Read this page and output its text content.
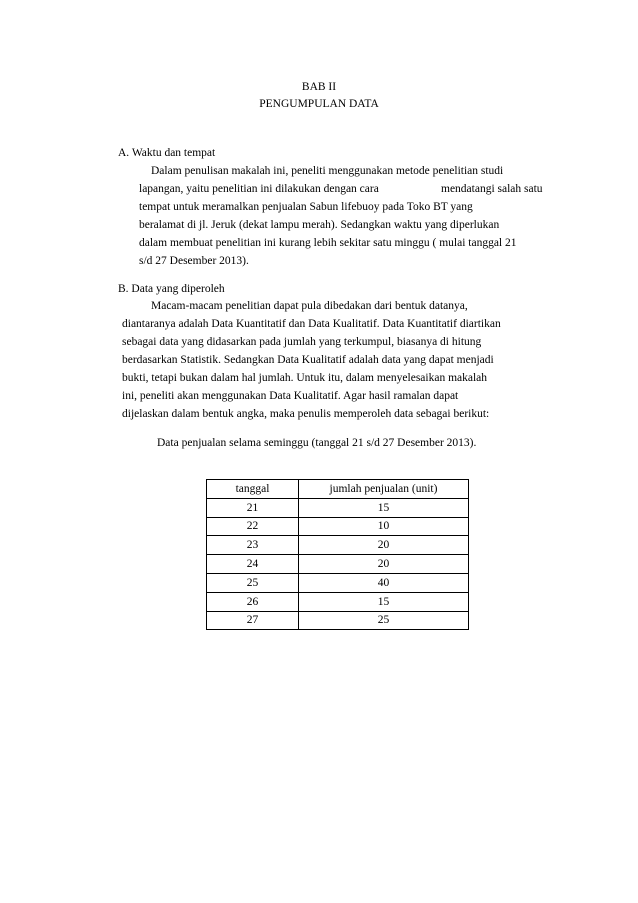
BAB II
PENGUMPULAN DATA
A. Waktu dan tempat
Dalam penulisan makalah ini, peneliti menggunakan metode penelitian studi
lapangan, yaitu penelitian ini dilakukan dengan cara	mendatangi salah satu
tempat untuk meramalkan penjualan Sabun lifebuoy pada Toko BT yang
beralamat di jl. Jeruk (dekat lampu merah). Sedangkan waktu yang diperlukan
dalam membuat penelitian ini kurang lebih sekitar satu minggu ( mulai tanggal 21
s/d 27 Desember 2013).
B. Data yang diperoleh
Macam-macam penelitian dapat pula dibedakan dari bentuk datanya,
diantaranya adalah Data Kuantitatif dan Data Kualitatif. Data Kuantitatif diartikan
sebagai data yang didasarkan pada jumlah yang terkumpul, biasanya di hitung
berdasarkan Statistik. Sedangkan Data Kualitatif adalah data yang dapat menjadi
bukti, tetapi bukan dalam hal jumlah. Untuk itu, dalam menyelesaikan makalah
ini, peneliti akan menggunakan Data Kualitatif. Agar hasil ramalan dapat
dijelaskan dalam bentuk angka, maka penulis memperoleh data sebagai berikut:
Data penjualan selama seminggu (tanggal 21 s/d 27 Desember 2013).
tanggal	jumlah penjualan (unit)
21	15
22	10
23	20
24	20
25	40
26	15
27	25
